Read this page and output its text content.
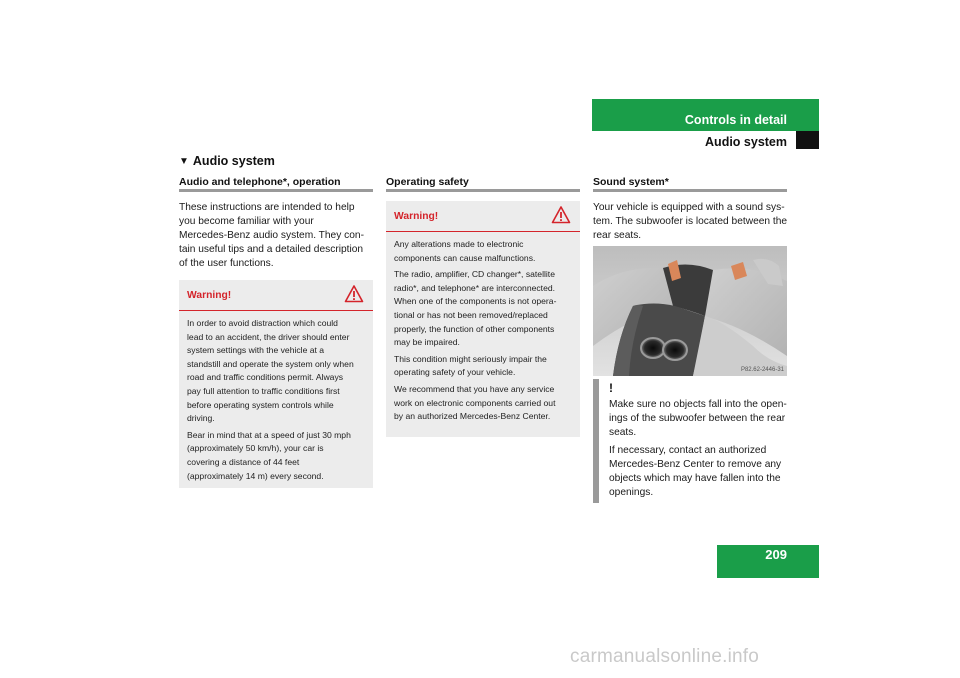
Controls in detail
Audio system
▼ Audio system
Audio and telephone*, operation
These instructions are intended to help
you become familiar with your
Mercedes-Benz audio system. They con-
tain useful tips and a detailed description
of the user functions.
Warning!

In order to avoid distraction which could
lead to an accident, the driver should enter
system settings with the vehicle at a
standstill and operate the system only when
road and traffic conditions permit. Always
pay full attention to traffic conditions first
before operating system controls while
driving.

Bear in mind that at a speed of just 30 mph
(approximately 50 km/h), your car is
covering a distance of 44 feet
(approximately 14 m) every second.

Operating safety
Warning!

Any alterations made to electronic
components can cause malfunctions.

The radio, amplifier, CD changer*, satellite
radio*, and telephone* are interconnected.
When one of the components is not opera-
tional or has not been removed/replaced
properly, the function of other components
may be impaired.

This condition might seriously impair the
operating safety of your vehicle.

We recommend that you have any service
work on electronic components carried out
by an authorized Mercedes-Benz Center.

Sound system*
Your vehicle is equipped with a sound sys-
tem. The subwoofer is located between the
rear seats.
P82.62-2446-31
!

Make sure no objects fall into the open-
ings of the subwoofer between the rear
seats.

If necessary, contact an authorized
Mercedes-Benz Center to remove any
objects which may have fallen into the
openings.

209
carmanualsonline.info
